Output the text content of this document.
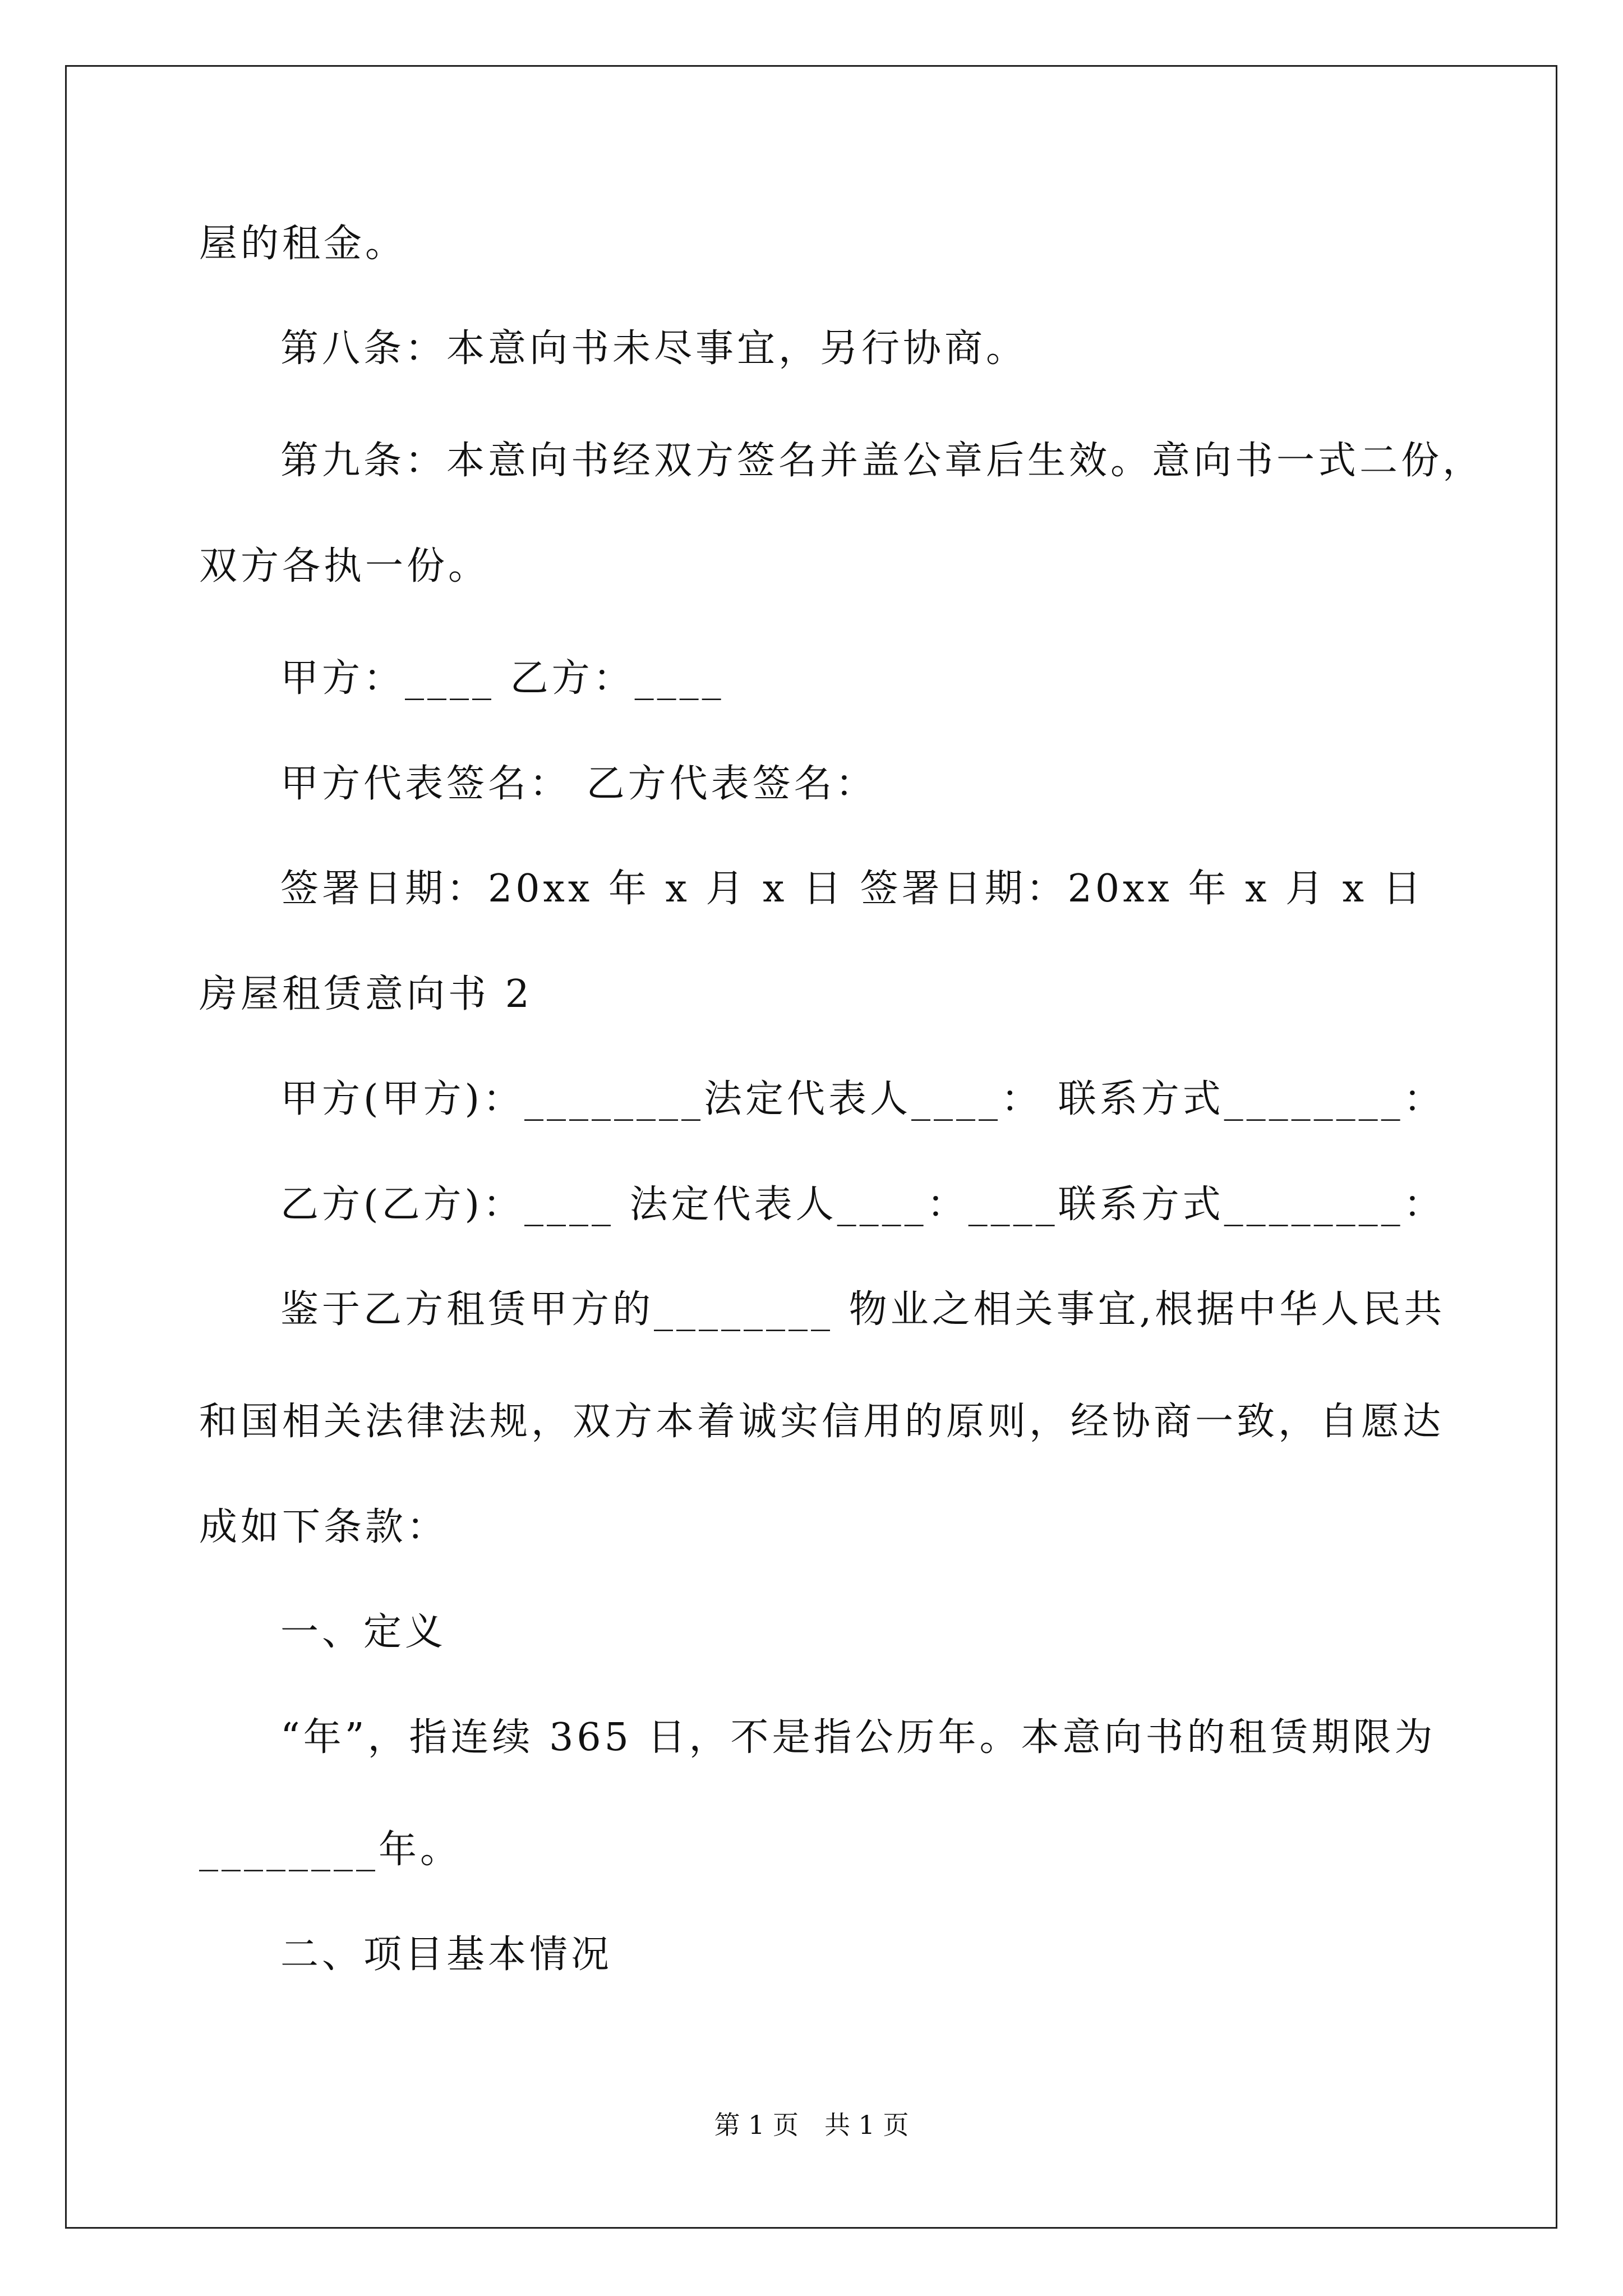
屋的租金。
第八条：本意向书未尽事宜，另行协商。
第九条：本意向书经双方签名并盖公章后生效。意向书一式二份，
双方各执一份。
甲方：____ 乙方：____
甲方代表签名： 乙方代表签名：
签署日期：20xx 年 x 月 x 日 签署日期：20xx 年 x 月 x 日
房屋租赁意向书 2
甲方(甲方)：________法定代表人____： 联系方式________：
乙方(乙方)：____ 法定代表人____：____联系方式________：
鉴于乙方租赁甲方的________ 物业之相关事宜,根据中华人民共
和国相关法律法规，双方本着诚实信用的原则，经协商一致，自愿达
成如下条款：
一、定义
“年”，指连续 365 日，不是指公历年。本意向书的租赁期限为
________年。
二、项目基本情况
第 1 页　共 1 页
